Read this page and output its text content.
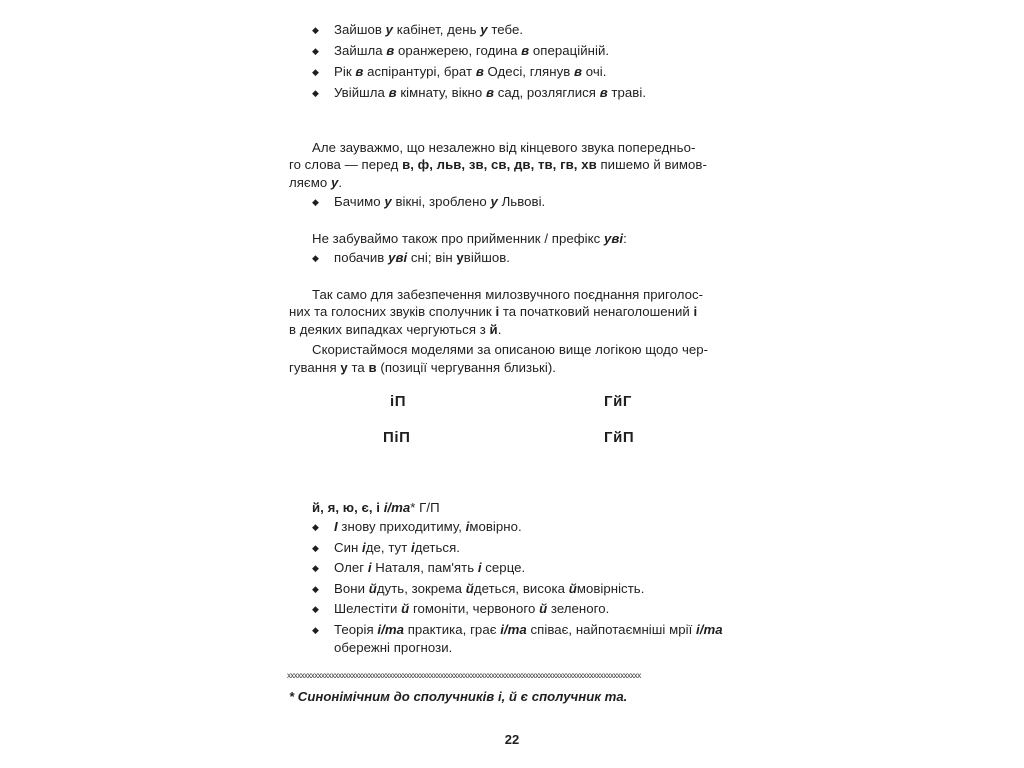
◆ Зайшов у кабінет, день у тебе.
◆ Зайшла в оранжерею, година в операційній.
◆ Рік в аспірантурі, брат в Одесі, глянув в очі.
◆ Увійшла в кімнату, вікно в сад, розляглися в траві.
Але зауважмо, що незалежно від кінцевого звука попередньо-
го слова — перед в, ф, льв, зв, св, дв, тв, гв, хв пишемо й вимов-
ляємо у.
◆ Бачимо у вікні, зроблено у Львові.
Не забуваймо також про прийменник / префікс уві:
◆ побачив уві сні; він увійшов.
Так само для забезпечення милозвучного поєднання приголос-
них та голосних звуків сполучник і та початковий ненаголошений і
в деяких випадках чергуються з й.
Скористаймося моделями за описаною вище логікою щодо чер-
гування у та в (позиції чергування близькі).
іП	ГйГ
ПіП	ГйП
й, я, ю, є, і і/та* Г/П
◆ І знову приходитиму, імовірно.
◆ Син іде, тут ідеться.
◆ Олег і Наталя, пам'ять і серце.
◆ Вони йдуть, зокрема йдеться, висока ймовірність.
◆ Шелестіти й гомоніти, червоного й зеленого.
◆ Теорія і/та практика, грає і/та співає, найпотаємніші мрії і/та
обережні прогнози.
xxxxxxxxxxxxxxxxxxxxxxxxxxxxxxxxxxxxxxxxxxxxxxxxxxxxxxxxxxxxxxxxxxxxxxxxxxxxxxxxxxxxxxxxxxxxxxxxxxxxxxxx
* Синонімічним до сполучників і, й є сполучник та.
22
